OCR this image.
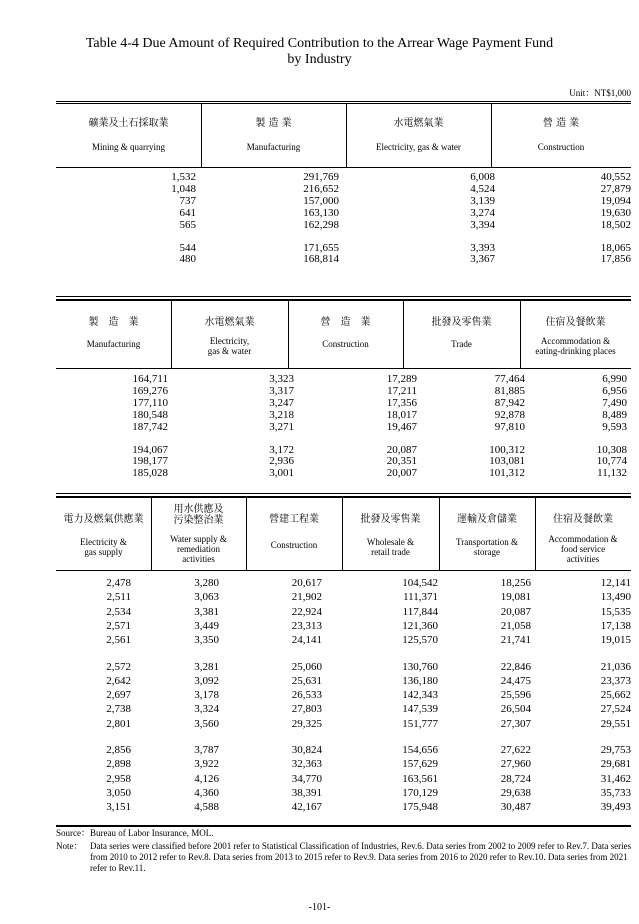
Table 4-4 Due Amount of Required Contribution to the Arrear Wage Payment Fund
by Industry
Unit：NT$1,000
礦業及土石採取業
Mining & quarrying
製 造 業
Manufacturing
水電燃氣業
Electricity, gas & water
營 造 業
Construction
1,532	291,769	6,008	40,552
1,048	216,652	4,524	27,879
737	157,000	3,139	19,094
641	163,130	3,274	19,630
565	162,298	3,394	18,502
544	171,655	3,393	18,065
480	168,814	3,367	17,856
製　造　業
Manufacturing
水電燃氣業
Electricity,
gas & water
營　造　業
Construction
批發及零售業
Trade
住宿及餐飲業
Accommodation &
eating-drinking places
164,711	3,323	17,289	77,464	6,990
169,276	3,317	17,211	81,885	6,956
177,110	3,247	17,356	87,942	7,490
180,548	3,218	18,017	92,878	8,489
187,742	3,271	19,467	97,810	9,593
194,067	3,172	20,087	100,312	10,308
198,177	2,936	20,351	103,081	10,774
185,028	3,001	20,007	101,312	11,132
電力及燃氣供應業
Electricity &
gas supply
用水供應及
污染整治業
Water supply &
remediation
activities
營建工程業
Construction
批發及零售業
Wholesale &
retail trade
運輸及倉儲業
Transportation &
storage
住宿及餐飲業
Accommodation &
food service
activities
2,478	3,280	20,617	104,542	18,256	12,141
2,511	3,063	21,902	111,371	19,081	13,490
2,534	3,381	22,924	117,844	20,087	15,535
2,571	3,449	23,313	121,360	21,058	17,138
2,561	3,350	24,141	125,570	21,741	19,015
2,572	3,281	25,060	130,760	22,846	21,036
2,642	3,092	25,631	136,180	24,475	23,373
2,697	3,178	26,533	142,343	25,596	25,662
2,738	3,324	27,803	147,539	26,504	27,524
2,801	3,560	29,325	151,777	27,307	29,551
2,856	3,787	30,824	154,656	27,622	29,753
2,898	3,922	32,363	157,629	27,960	29,681
2,958	4,126	34,770	163,561	28,724	31,462
3,050	4,360	38,391	170,129	29,638	35,733
3,151	4,588	42,167	175,948	30,487	39,493
Source：Bureau of Labor Insurance, MOL.
Note： Data series were classified before 2001 refer to Statistical Classification of Industries, Rev.6. Data series from 2002 to 2009 refer to Rev.7. Data series from 2010 to 2012 refer to Rev.8. Data series from 2013 to 2015 refer to Rev.9. Data series from 2016 to 2020 refer to Rev.10. Data series from 2021 refer to Rev.11.
-101-
